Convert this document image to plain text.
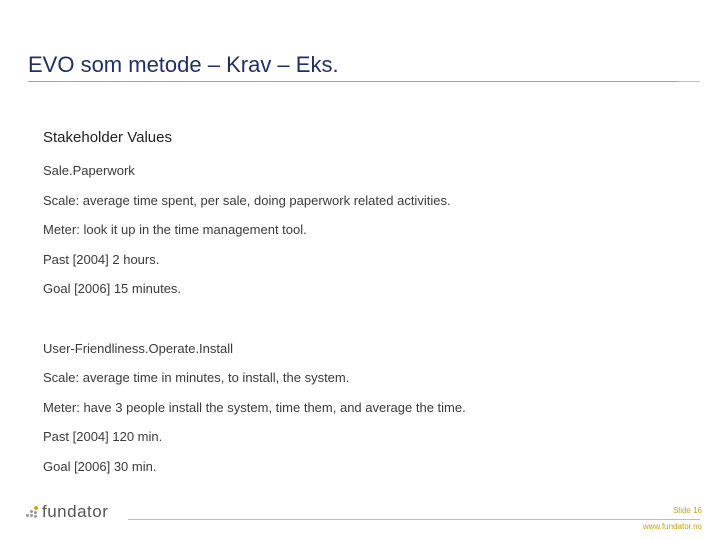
EVO som metode – Krav – Eks.
Stakeholder Values
Sale.Paperwork
Scale: average time spent, per sale, doing paperwork related activities.
Meter: look it up in the time management tool.
Past [2004] 2 hours.
Goal [2006] 15 minutes.
User-Friendliness.Operate.Install
Scale: average time in minutes, to install, the system.
Meter: have 3 people install the system, time them, and average the time.
Past [2004] 120 min.
Goal [2006] 30 min.
fundator	Slide 16
www.fundator.no
